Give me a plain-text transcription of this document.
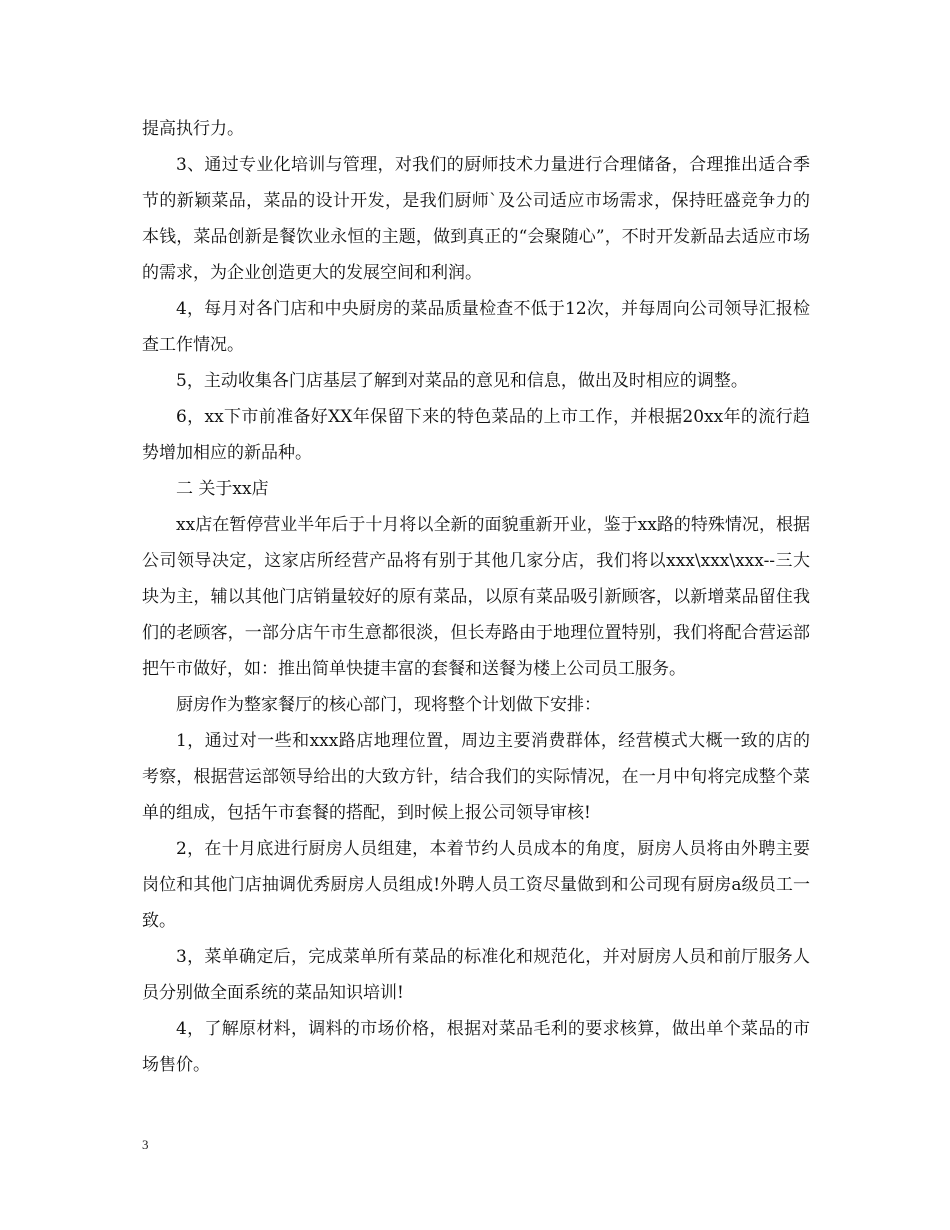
提高执行力。

3、通过专业化培训与管理，对我们的厨师技术力量进行合理储备，合理推出适合季节的新颖菜品，菜品的设计开发，是我们厨师`及公司适应市场需求，保持旺盛竞争力的本钱，菜品创新是餐饮业永恒的主题，做到真正的“会聚随心”，不时开发新品去适应市场的需求，为企业创造更大的发展空间和利润。

4，每月对各门店和中央厨房的菜品质量检查不低于12次，并每周向公司领导汇报检查工作情况。

5，主动收集各门店基层了解到对菜品的意见和信息，做出及时相应的调整。

6，xx下市前准备好XX年保留下来的特色菜品的上市工作，并根据20xx年的流行趋势增加相应的新品种。

二 关于xx店

xx店在暂停营业半年后于十月将以全新的面貌重新开业，鉴于xx路的特殊情况，根据公司领导决定，这家店所经营产品将有别于其他几家分店，我们将以xxx\xxx\xxx--三大块为主，辅以其他门店销量较好的原有菜品，以原有菜品吸引新顾客，以新增菜品留住我们的老顾客，一部分店午市生意都很淡，但长寿路由于地理位置特别，我们将配合营运部把午市做好，如：推出简单快捷丰富的套餐和送餐为楼上公司员工服务。

厨房作为整家餐厅的核心部门，现将整个计划做下安排：

1，通过对一些和xxx路店地理位置，周边主要消费群体，经营模式大概一致的店的考察，根据营运部领导给出的大致方针，结合我们的实际情况，在一月中旬将完成整个菜单的组成，包括午市套餐的搭配，到时候上报公司领导审核!

2，在十月底进行厨房人员组建，本着节约人员成本的角度，厨房人员将由外聘主要岗位和其他门店抽调优秀厨房人员组成!外聘人员工资尽量做到和公司现有厨房a级员工一致。

3，菜单确定后，完成菜单所有菜品的标准化和规范化，并对厨房人员和前厅服务人员分别做全面系统的菜品知识培训!

4，了解原材料，调料的市场价格，根据对菜品毛利的要求核算，做出单个菜品的市场售价。

3
